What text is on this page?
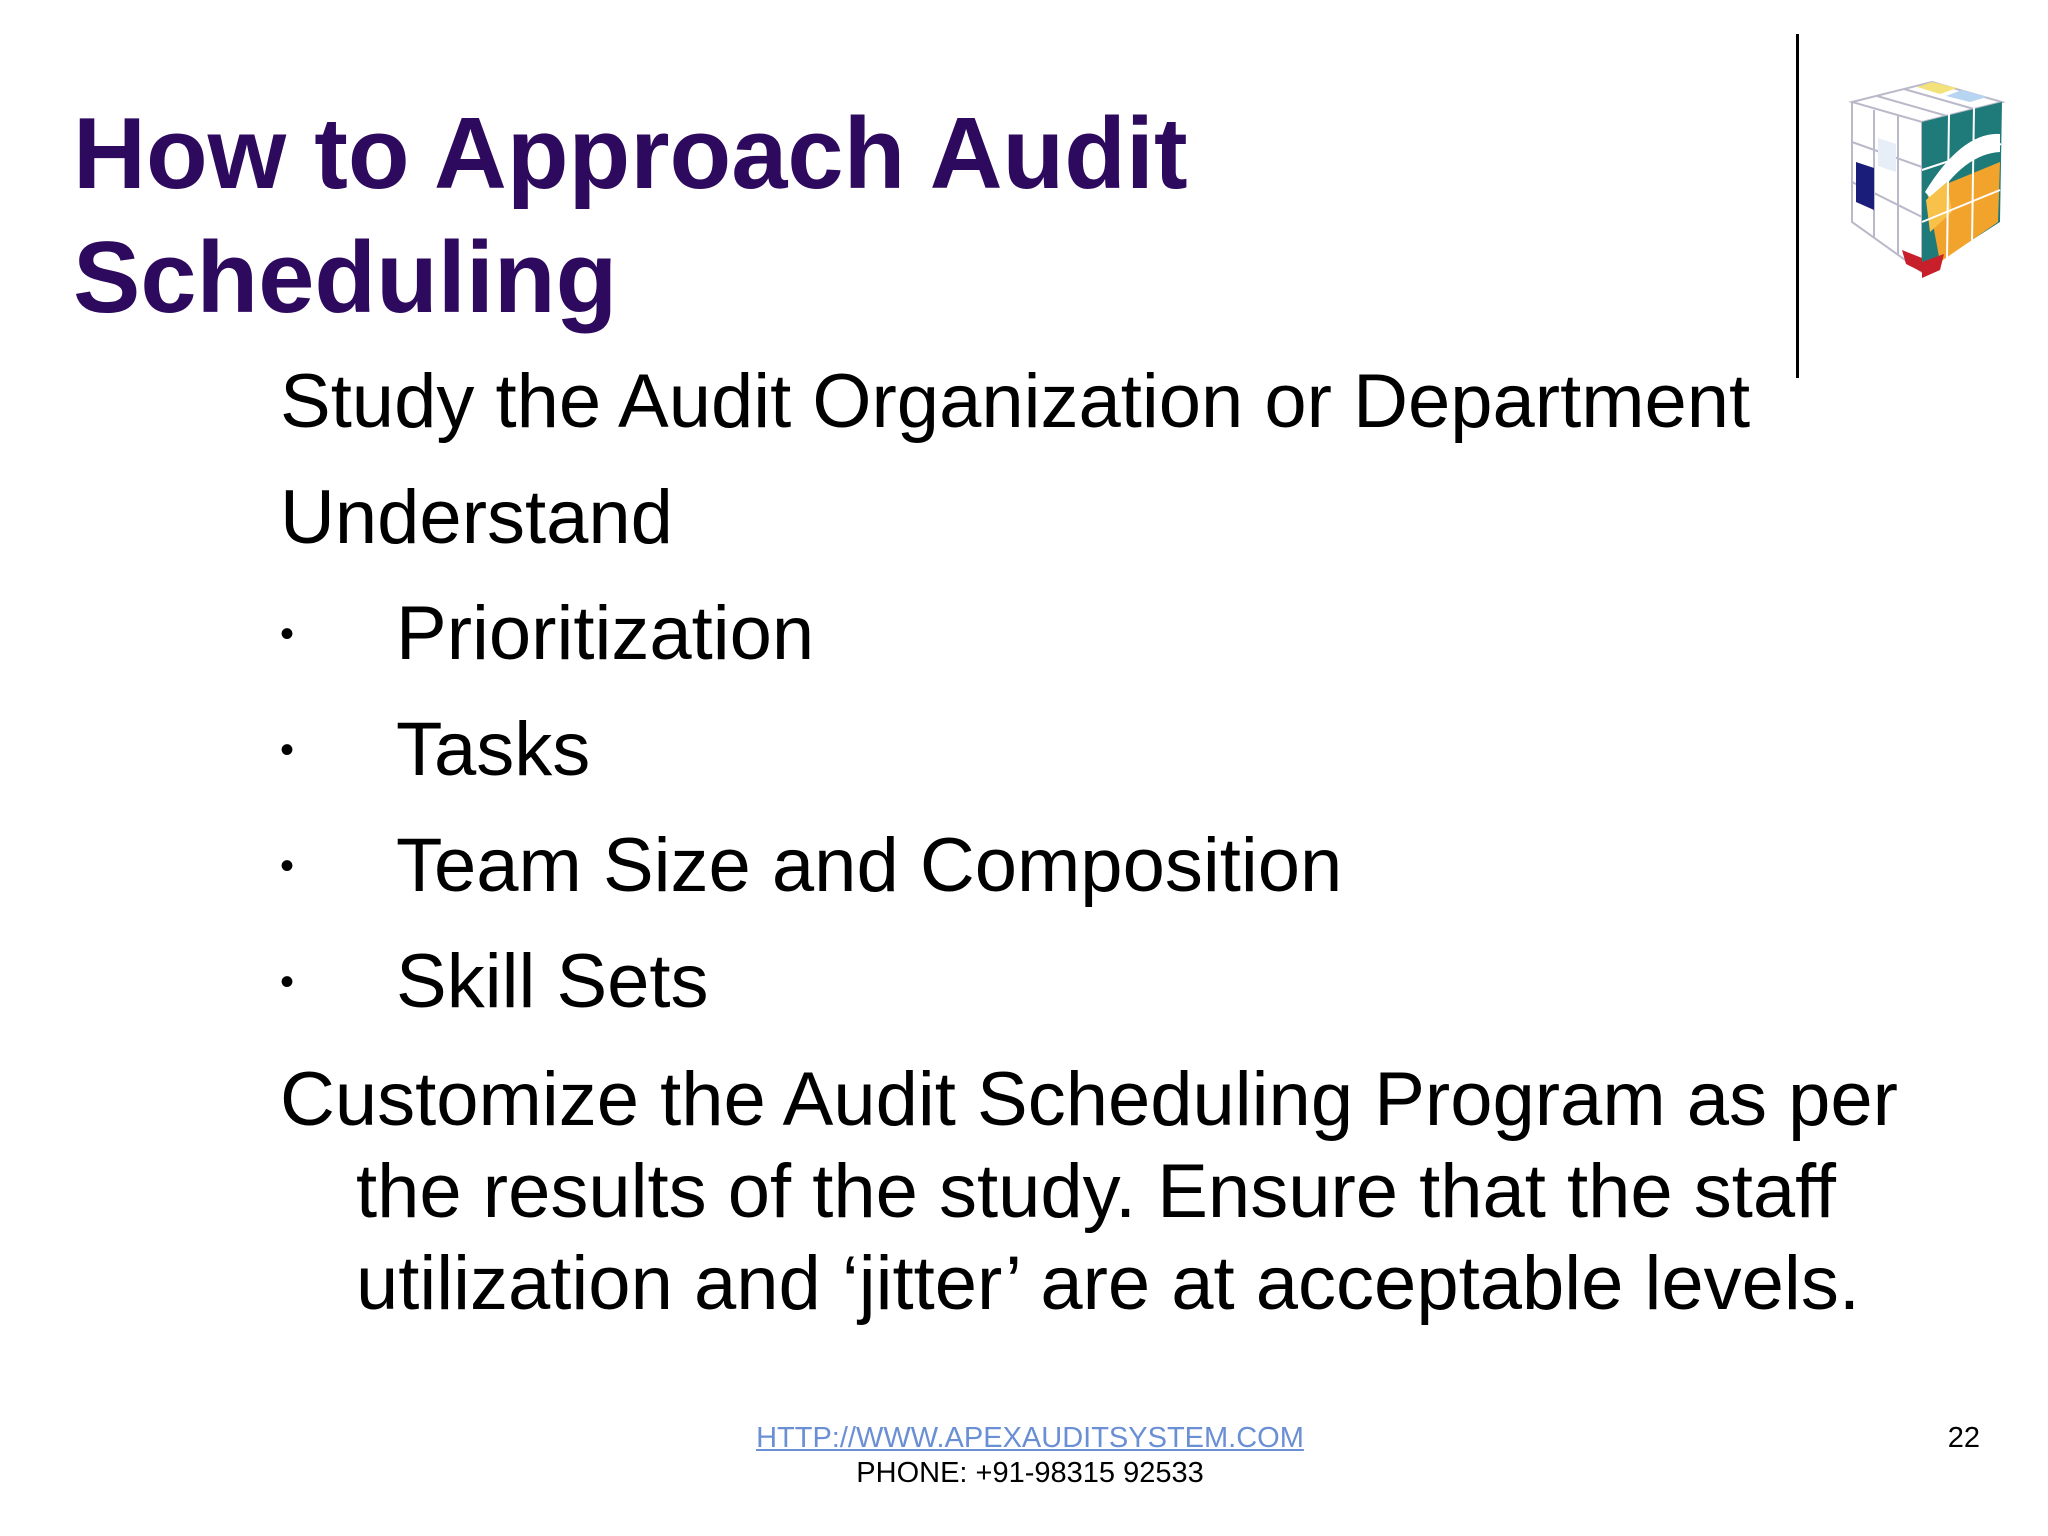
How to Approach Audit
Scheduling
Study the Audit Organization or Department
Understand
• Prioritization
• Tasks
• Team Size and Composition
• Skill Sets
Customize the Audit Scheduling Program as per the results of the study. Ensure that the staff utilization and ‘jitter’ are at acceptable levels.
HTTP://WWW.APEXAUDITSYSTEM.COM
PHONE: +91-98315 92533
22
